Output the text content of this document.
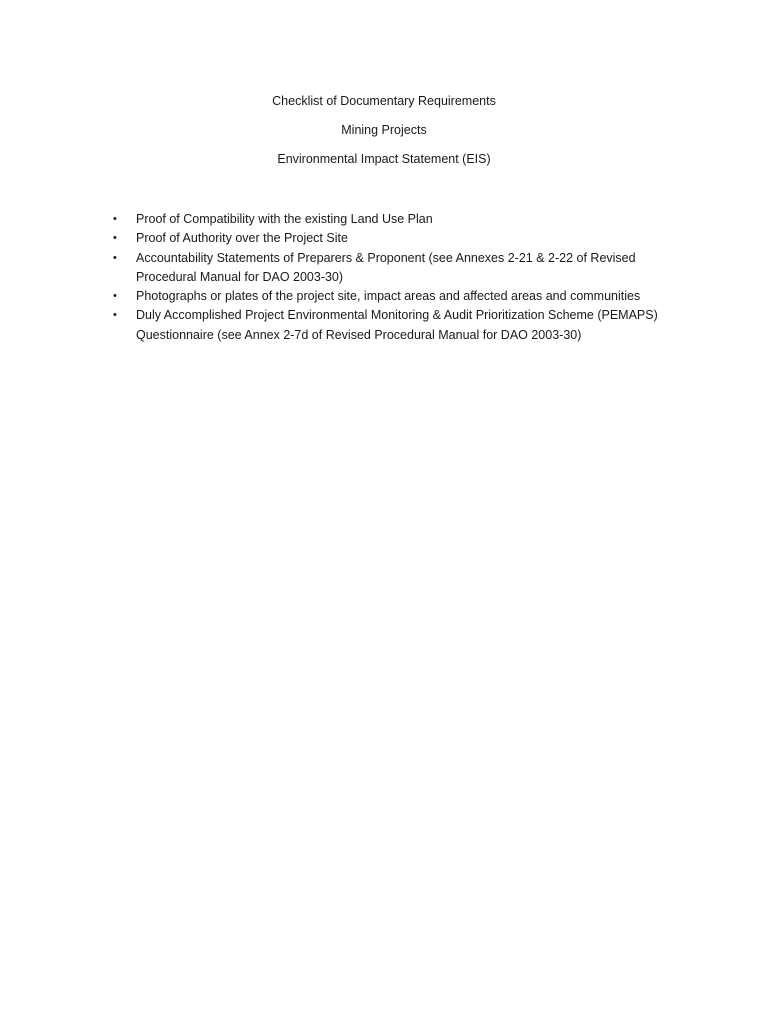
Checklist of Documentary Requirements
Mining Projects
Environmental Impact Statement (EIS)
• Proof of Compatibility with the existing Land Use Plan
• Proof of Authority over the Project Site
• Accountability Statements of Preparers & Proponent (see Annexes 2-21 & 2-22 of Revised Procedural Manual for DAO 2003-30)
• Photographs or plates of the project site, impact areas and affected areas and communities
• Duly Accomplished Project Environmental Monitoring & Audit Prioritization Scheme (PEMAPS) Questionnaire (see Annex 2-7d of Revised Procedural Manual for DAO 2003-30)
